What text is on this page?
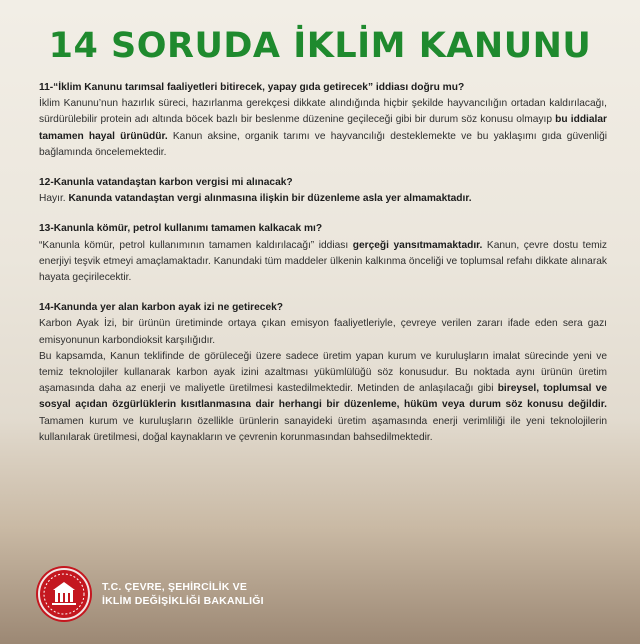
14 SORUDA İKLİM KANUNU
11-“İklim Kanunu tarımsal faaliyetleri bitirecek, yapay gıda getirecek” iddiası doğru mu?
İklim Kanunu’nun hazırlık süreci, hazırlanma gerekçesi dikkate alındığında hiçbir şekilde hayvancılığın ortadan kaldırılacağı, sürdürülebilir protein adı altında böcek bazlı bir beslenme düzenine geçileceği gibi bir durum söz konusu olmayıp bu iddialar tamamen hayal ürünüdür. Kanun aksine, organik tarımı ve hayvancılığı desteklemekte ve bu yaklaşımı gıda güvenliği bağlamında öncelemektedir.
12-Kanunla vatandaştan karbon vergisi mi alınacak?
Hayır. Kanunda vatandaştan vergi alınmasına ilişkin bir düzenleme asla yer almamaktadır.
13-Kanunla kömür, petrol kullanımı tamamen kalkacak mı?
“Kanunla kömür, petrol kullanımının tamamen kaldırılacağı” iddiası gerçeği yansıtmamaktadır. Kanun, çevre dostu temiz enerjiyi teşvik etmeyi amaçlamaktadır. Kanundaki tüm maddeler ülkenin kalkınma önceliği ve toplumsal refahı dikkate alınarak hayata geçirilecektir.
14-Kanunda yer alan karbon ayak izi ne getirecek?
Karbon Ayak İzi, bir ürünün üretiminde ortaya çıkan emisyon faaliyetleriyle, çevreye verilen zararı ifade eden sera gazı emisyonunun karbondioksit karşılığıdır.
Bu kapsamda, Kanun teklifinde de görüleceği üzere sadece üretim yapan kurum ve kuruluşların imalat sürecinde yeni ve temiz teknolojiler kullanarak karbon ayak izini azaltması yükümlülüğü söz konusudur. Bu noktada aynı ürünün üretim aşamasında daha az enerji ve maliyetle üretilmesi kastedilmektedir. Metinden de anlaşılacağı gibi bireysel, toplumsal ve sosyal açıdan özgürlüklerin kısıtlanmasına dair herhangi bir düzenleme, hüküm veya durum söz konusu değildir. Tamamen kurum ve kuruluşların özellikle ürünlerin sanayideki üretim aşamasında enerji verimliliği ile yeni teknolojilerin kullanılarak üretilmesi, doğal kaynakların ve çevrenin korunmasından bahsedilmektedir.
T.C. ÇEVRE, ŞEHİRCİLİK VE
İKLİM DEĞİŞİKLİĞİ BAKANLIĞI
